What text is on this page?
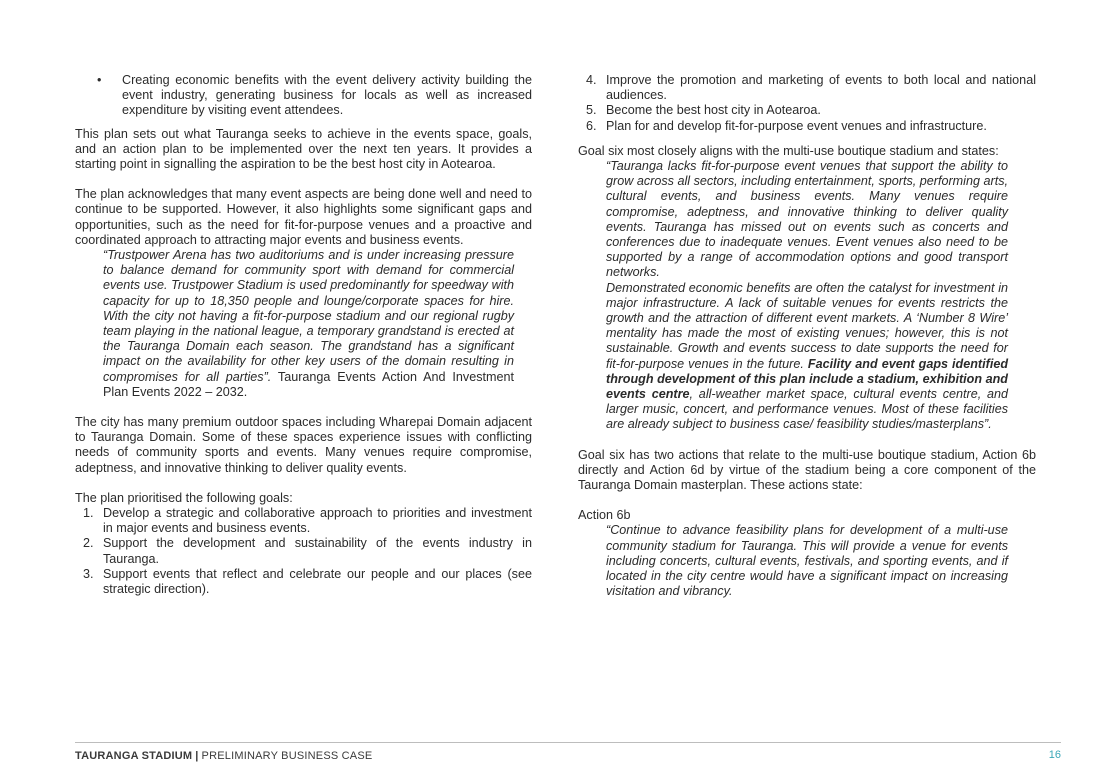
• Creating economic benefits with the event delivery activity building the event industry, generating business for locals as well as increased expenditure by visiting event attendees.

This plan sets out what Tauranga seeks to achieve in the events space, goals, and an action plan to be implemented over the next ten years. It provides a starting point in signalling the aspiration to be the best host city in Aotearoa.

The plan acknowledges that many event aspects are being done well and need to continue to be supported. However, it also highlights some significant gaps and opportunities, such as the need for fit-for-purpose venues and a proactive and coordinated approach to attracting major events and business events.

“Trustpower Arena has two auditoriums and is under increasing pressure to balance demand for community sport with demand for commercial events use. Trustpower Stadium is used predominantly for speedway with capacity for up to 18,350 people and lounge/corporate spaces for hire. With the city not having a fit-for-purpose stadium and our regional rugby team playing in the national league, a temporary grandstand is erected at the Tauranga Domain each season. The grandstand has a significant impact on the availability for other key users of the domain resulting in compromises for all parties”. Tauranga Events Action And Investment Plan Events 2022 – 2032.

The city has many premium outdoor spaces including Wharepai Domain adjacent to Tauranga Domain. Some of these spaces experience issues with conflicting needs of community sports and events. Many venues require compromise, adeptness, and innovative thinking to deliver quality events.

The plan prioritised the following goals:

1. Develop a strategic and collaborative approach to priorities and investment in major events and business events.
2. Support the development and sustainability of the events industry in Tauranga.
3. Support events that reflect and celebrate our people and our places (see strategic direction).
4. Improve the promotion and marketing of events to both local and national audiences.
5. Become the best host city in Aotearoa.
6. Plan for and develop fit-for-purpose event venues and infrastructure.

Goal six most closely aligns with the multi-use boutique stadium and states:

“Tauranga lacks fit-for-purpose event venues that support the ability to grow across all sectors, including entertainment, sports, performing arts, cultural events, and business events. Many venues require compromise, adeptness, and innovative thinking to deliver quality events. Tauranga has missed out on events such as concerts and conferences due to inadequate venues. Event venues also need to be supported by a range of accommodation options and good transport networks.

Demonstrated economic benefits are often the catalyst for investment in major infrastructure. A lack of suitable venues for events restricts the growth and the attraction of different event markets. A ‘Number 8 Wire’ mentality has made the most of existing venues; however, this is not sustainable. Growth and events success to date supports the need for fit-for-purpose venues in the future. Facility and event gaps identified through development of this plan include a stadium, exhibition and events centre, all-weather market space, cultural events centre, and larger music, concert, and performance venues. Most of these facilities are already subject to business case/ feasibility studies/masterplans”.

Goal six has two actions that relate to the multi-use boutique stadium, Action 6b directly and Action 6d by virtue of the stadium being a core component of the Tauranga Domain masterplan. These actions state:

Action 6b

“Continue to advance feasibility plans for development of a multi-use community stadium for Tauranga. This will provide a venue for events including concerts, cultural events, festivals, and sporting events, and if located in the city centre would have a significant impact on increasing visitation and vibrancy.

TAURANGA STADIUM | PRELIMINARY BUSINESS CASE	16
